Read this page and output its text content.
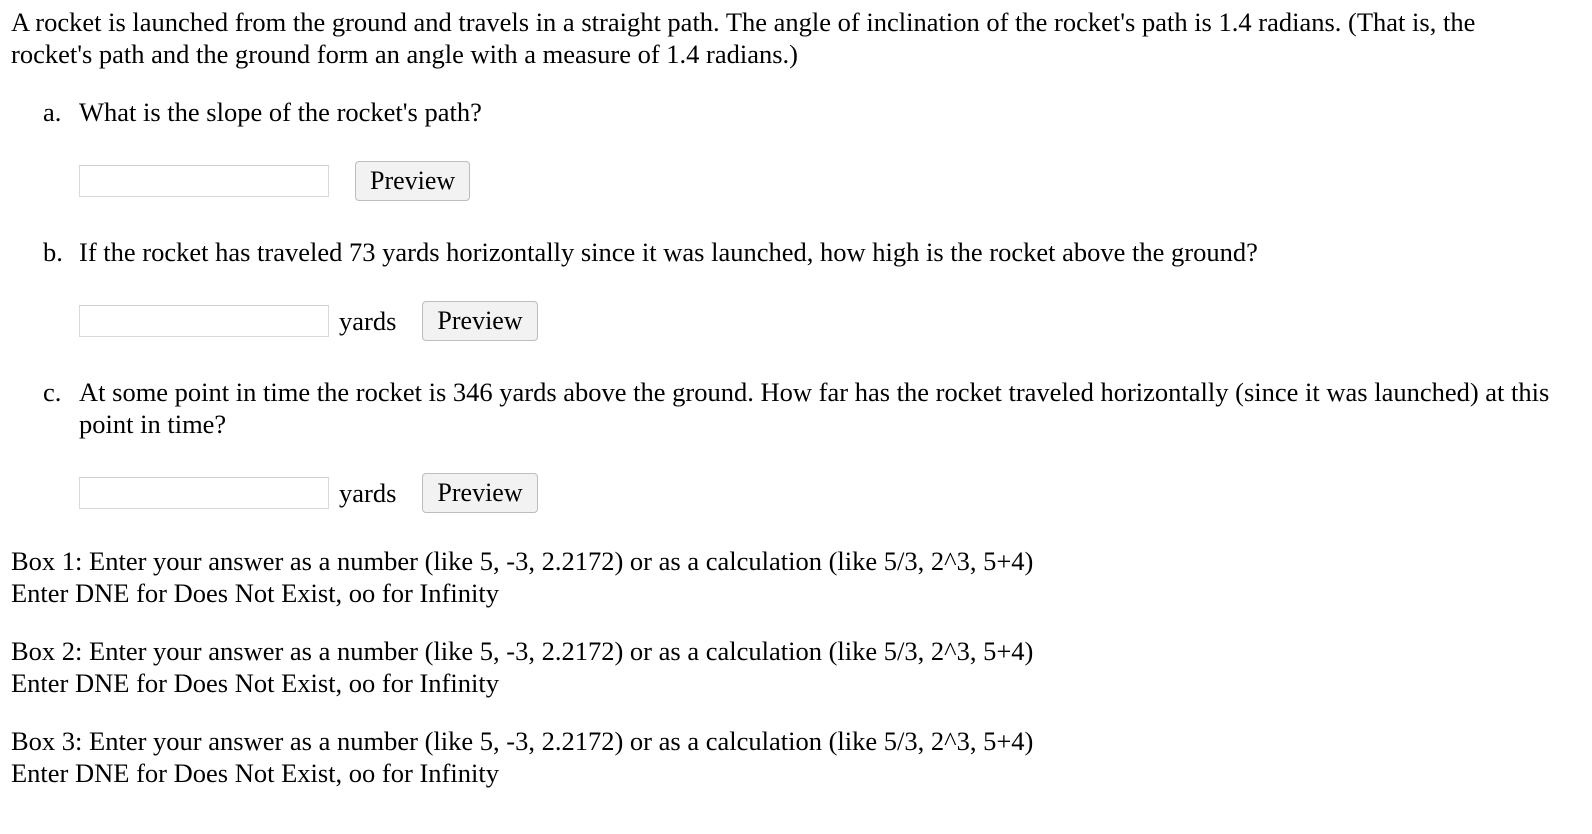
A rocket is launched from the ground and travels in a straight path. The angle of inclination of the rocket's path is 1.4 radians. (That is, the rocket's path and the ground form an angle with a measure of 1.4 radians.)

a. What is the slope of the rocket's path?

Preview
b. If the rocket has traveled 73 yards horizontally since it was launched, how high is the rocket above the ground?

yards	Preview
c. At some point in time the rocket is 346 yards above the ground. How far has the rocket traveled horizontally (since it was launched) at this point in time?

yards	Preview

Box 1: Enter your answer as a number (like 5, -3, 2.2172) or as a calculation (like 5/3, 2^3, 5+4)
Enter DNE for Does Not Exist, oo for Infinity

Box 2: Enter your answer as a number (like 5, -3, 2.2172) or as a calculation (like 5/3, 2^3, 5+4)
Enter DNE for Does Not Exist, oo for Infinity

Box 3: Enter your answer as a number (like 5, -3, 2.2172) or as a calculation (like 5/3, 2^3, 5+4)
Enter DNE for Does Not Exist, oo for Infinity
